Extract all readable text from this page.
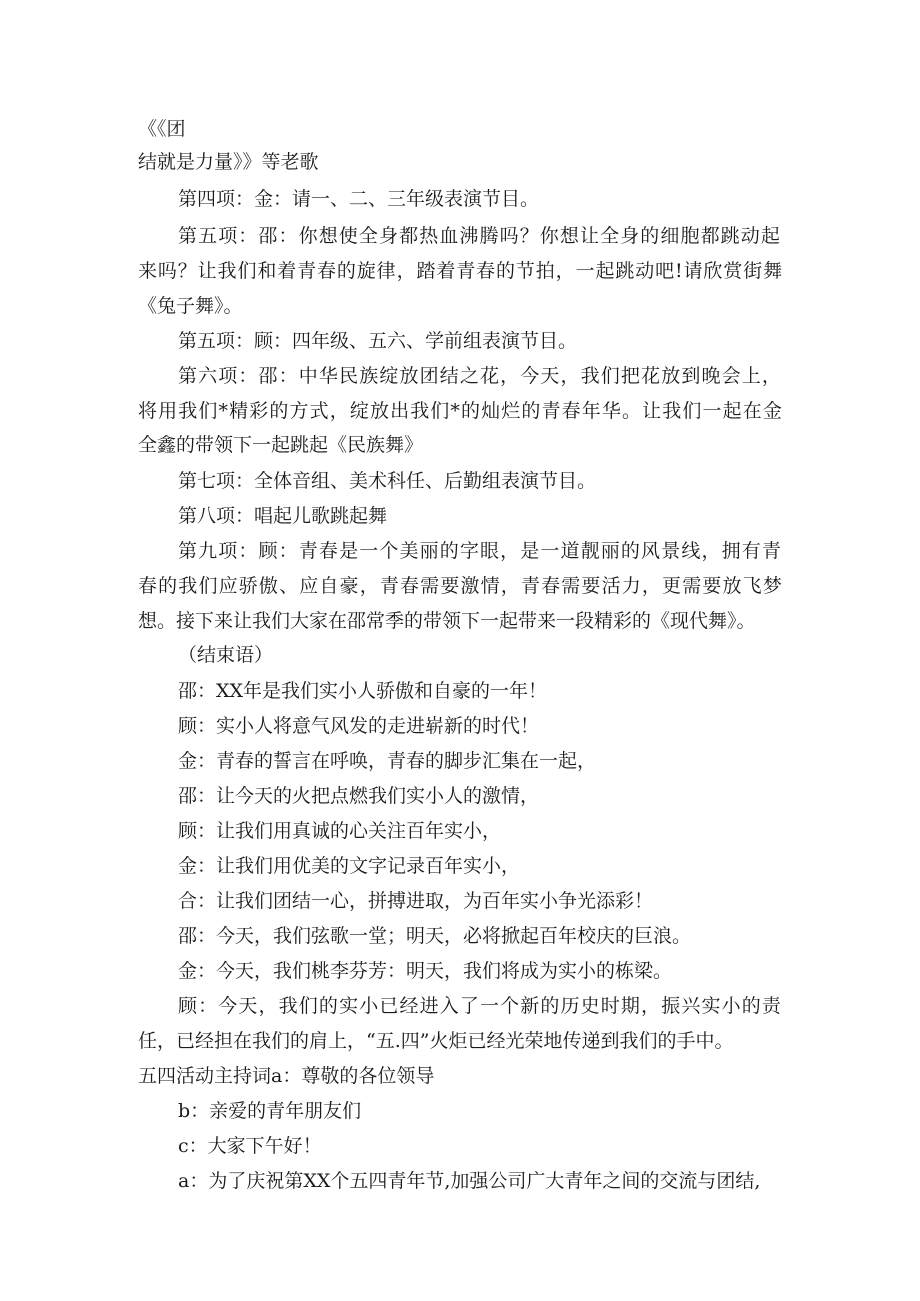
《《团
结就是力量》》等老歌
第四项：金：请一、二、三年级表演节目。
第五项：邵：你想使全身都热血沸腾吗？你想让全身的细胞都跳动起
来吗？让我们和着青春的旋律，踏着青春的节拍，一起跳动吧!请欣赏街舞
《兔子舞》。
第五项：顾：四年级、五六、学前组表演节目。
第六项：邵：中华民族绽放团结之花，今天，我们把花放到晚会上，
将用我们*精彩的方式，绽放出我们*的灿烂的青春年华。让我们一起在金
全鑫的带领下一起跳起《民族舞》
第七项：全体音组、美术科任、后勤组表演节目。
第八项：唱起儿歌跳起舞
第九项：顾：青春是一个美丽的字眼，是一道靓丽的风景线，拥有青
春的我们应骄傲、应自豪，青春需要激情，青春需要活力，更需要放飞梦
想。接下来让我们大家在邵常季的带领下一起带来一段精彩的《现代舞》。
（结束语）
邵：XX年是我们实小人骄傲和自豪的一年！
顾：实小人将意气风发的走进崭新的时代！
金：青春的誓言在呼唤，青春的脚步汇集在一起，
邵：让今天的火把点燃我们实小人的激情，
顾：让我们用真诚的心关注百年实小，
金：让我们用优美的文字记录百年实小，
合：让我们团结一心，拼搏进取，为百年实小争光添彩！
邵：今天，我们弦歌一堂；明天，必将掀起百年校庆的巨浪。
金：今天，我们桃李芬芳：明天，我们将成为实小的栋梁。
顾：今天，我们的实小已经进入了一个新的历史时期，振兴实小的责
任，已经担在我们的肩上，“五.四”火炬已经光荣地传递到我们的手中。
五四活动主持词a：尊敬的各位领导
b：亲爱的青年朋友们
c：大家下午好！
a：为了庆祝第XX个五四青年节,加强公司广大青年之间的交流与团结,
